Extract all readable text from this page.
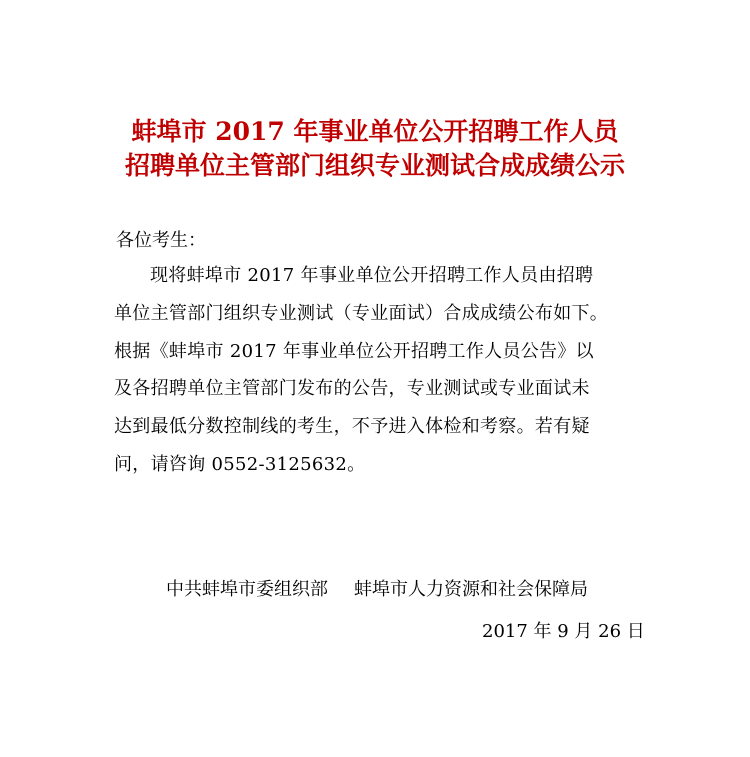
蚌埠市 2017 年事业单位公开招聘工作人员
招聘单位主管部门组织专业测试合成成绩公示
各位考生：
现将蚌埠市 2017 年事业单位公开招聘工作人员由招聘
单位主管部门组织专业测试（专业面试）合成成绩公布如下。
根据《蚌埠市 2017 年事业单位公开招聘工作人员公告》以
及各招聘单位主管部门发布的公告，专业测试或专业面试未
达到最低分数控制线的考生，不予进入体检和考察。若有疑
问，请咨询 0552-3125632。
中共蚌埠市委组织部 蚌埠市人力资源和社会保障局
2017 年 9 月 26 日
